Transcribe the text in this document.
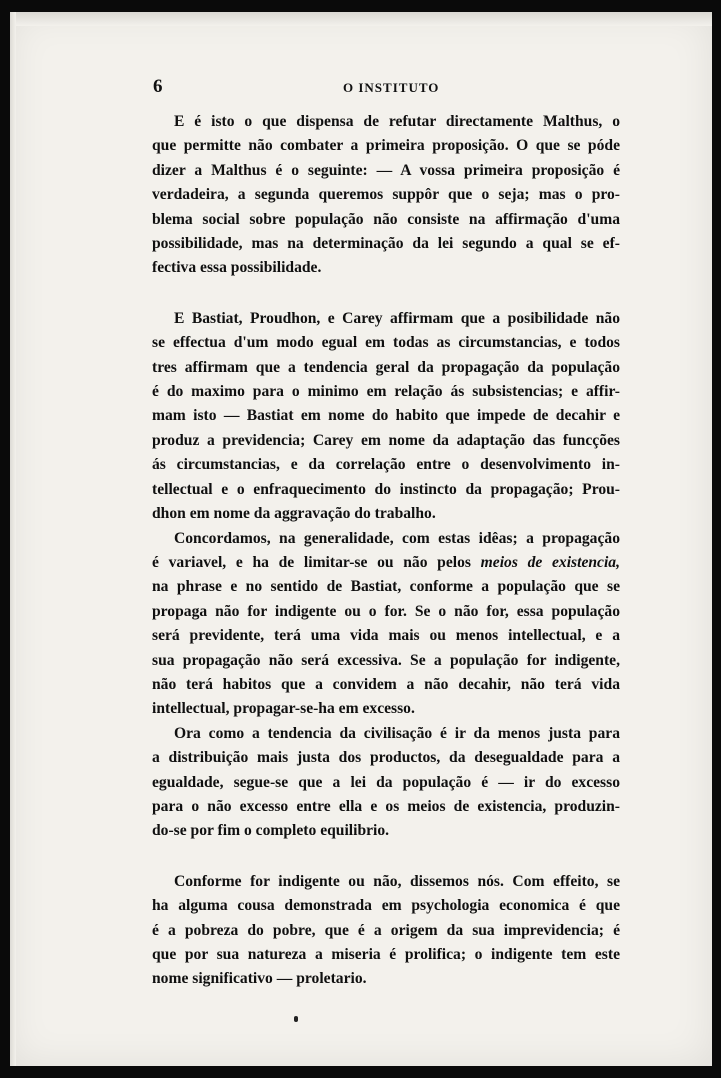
6	O INSTITUTO
E é isto o que dispensa de refutar directamente Malthus, o
que permitte não combater a primeira proposição. O que se póde
dizer a Malthus é o seguinte: — A vossa primeira proposição é
verdadeira, a segunda queremos suppôr que o seja; mas o pro-
blema social sobre população não consiste na affirmação d'uma
possibilidade, mas na determinação da lei segundo a qual se ef-
fectiva essa possibilidade.
E Bastiat, Proudhon, e Carey affirmam que a posibilidade não
se effectua d'um modo egual em todas as circumstancias, e todos
tres affirmam que a tendencia geral da propagação da população
é do maximo para o minimo em relação ás subsistencias; e affir-
mam isto — Bastiat em nome do habito que impede de decahir e
produz a previdencia; Carey em nome da adaptação das funcções
ás circumstancias, e da correlação entre o desenvolvimento in-
tellectual e o enfraquecimento do instincto da propagação; Prou-
dhon em nome da aggravação do trabalho.
Concordamos, na generalidade, com estas idêas; a propagação
é variavel, e ha de limitar-se ou não pelos meios de existencia,
na phrase e no sentido de Bastiat, conforme a população que se
propaga não for indigente ou o for. Se o não for, essa população
será previdente, terá uma vida mais ou menos intellectual, e a
sua propagação não será excessiva. Se a população for indigente,
não terá habitos que a convidem a não decahir, não terá vida
intellectual, propagar-se-ha em excesso.
Ora como a tendencia da civilisação é ir da menos justa para
a distribuição mais justa dos productos, da desegualdade para a
egualdade, segue-se que a lei da população é — ir do excesso
para o não excesso entre ella e os meios de existencia, produzin-
do-se por fim o completo equilibrio.
Conforme for indigente ou não, dissemos nós. Com effeito, se
ha alguma cousa demonstrada em psychologia economica é que
é a pobreza do pobre, que é a origem da sua imprevidencia; é
que por sua natureza a miseria é prolifica; o indigente tem este
nome significativo — proletario.
